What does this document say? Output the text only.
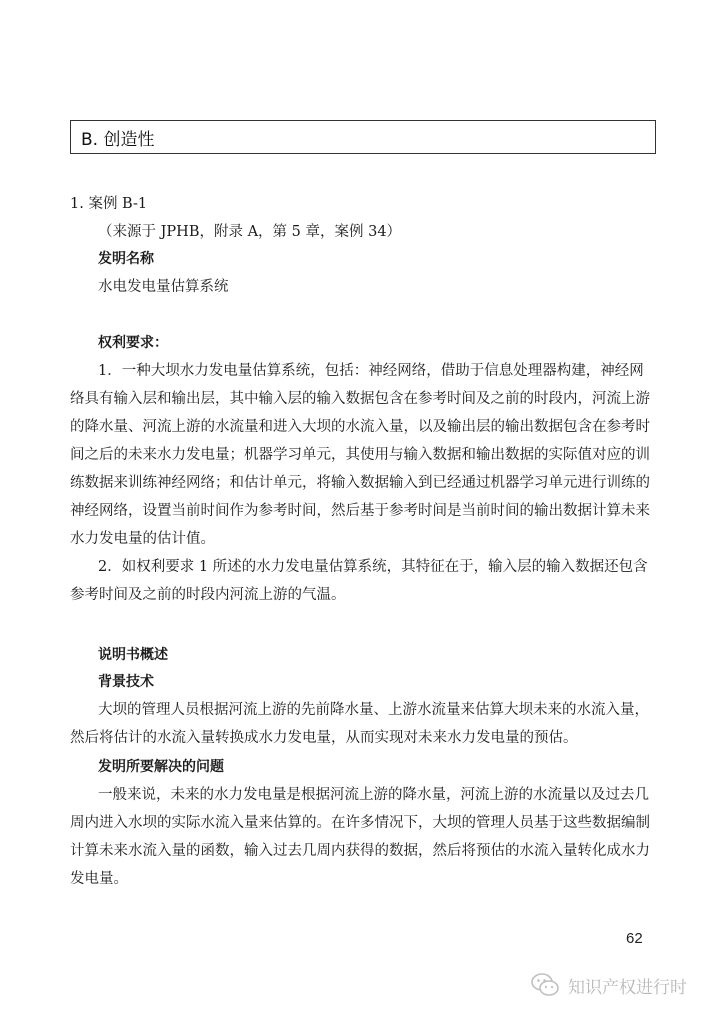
B. 创造性
1. 案例 B-1
（来源于 JPHB，附录 A，第 5 章，案例 34）
发明名称
水电发电量估算系统
权利要求：
1．一种大坝水力发电量估算系统，包括：神经网络，借助于信息处理器构建，神经网
络具有输入层和输出层，其中输入层的输入数据包含在参考时间及之前的时段内，河流上游
的降水量、河流上游的水流量和进入大坝的水流入量，以及输出层的输出数据包含在参考时
间之后的未来水力发电量；机器学习单元，其使用与输入数据和输出数据的实际值对应的训
练数据来训练神经网络；和估计单元，将输入数据输入到已经通过机器学习单元进行训练的
神经网络，设置当前时间作为参考时间，然后基于参考时间是当前时间的输出数据计算未来
水力发电量的估计值。
2．如权利要求 1 所述的水力发电量估算系统，其特征在于，输入层的输入数据还包含
参考时间及之前的时段内河流上游的气温。
说明书概述
背景技术
大坝的管理人员根据河流上游的先前降水量、上游水流量来估算大坝未来的水流入量，
然后将估计的水流入量转换成水力发电量，从而实现对未来水力发电量的预估。
发明所要解决的问题
一般来说，未来的水力发电量是根据河流上游的降水量，河流上游的水流量以及过去几
周内进入水坝的实际水流入量来估算的。在许多情况下，大坝的管理人员基于这些数据编制
计算未来水流入量的函数，输入过去几周内获得的数据，然后将预估的水流入量转化成水力
发电量。
62
知识产权进行时
